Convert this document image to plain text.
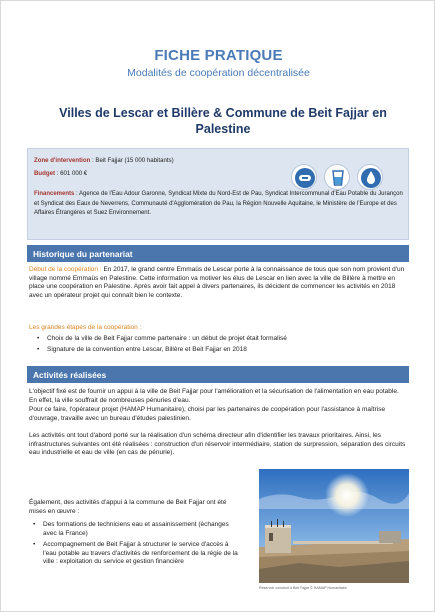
FICHE PRATIQUE
Modalités de coopération décentralisée
Villes de Lescar et Billère & Commune de Beit Fajjar en Palestine
Zone d'intervention : Beit Fajjar (15 000 habitants)
Budget : 601 000 €
Financements : Agence de l'Eau Adour Garonne, Syndicat Mixte du Nord-Est de Pau, Syndicat Intercommunal d'Eau Potable du Jurançon et Syndicat des Eaux de Neverrens, Communauté d'Agglomération de Pau, la Région Nouvelle Aquitaine, le Ministère de l'Europe et des Affaires Étrangères et Suez Environnement.
Historique du partenariat
Début de la coopération : En 2017, le grand centre Emmaüs de Lescar porte à la connaissance de tous que son nom provient d'un village nommé Emmaüs en Palestine. Cette information va motiver les élus de Lescar en lien avec la ville de Billère à mettre en place une coopération en Palestine. Après avoir fait appel à divers partenaires, ils décident de commencer les activités en 2018 avec un opérateur projet qui connaît bien le contexte.
Les grandes étapes de la coopération :
• Choix de la ville de Beit Fajjar comme partenaire : un début de projet était formalisé
• Signature de la convention entre Lescar, Billère et Beit Fajjar en 2018
Activités réalisées
L'objectif fixé est de fournir un appui à la ville de Beit Fajjar pour l'amélioration et la sécurisation de l'alimentation en eau potable. En effet, la ville souffrait de nombreuses pénuries d'eau.
Pour ce faire, l'opérateur projet (HAMAP Humanitaire), choisi par les partenaires de coopération pour l'assistance à maîtrise d'ouvrage, travaille avec un bureau d'études palestinien.
Les activités ont tout d'abord porté sur la réalisation d'un schéma directeur afin d'identifier les travaux prioritaires. Ainsi, les infrastructures suivantes ont été réalisées : construction d'un réservoir intermédiaire, station de surpression, séparation des circuits eau industrielle et eau de ville (en cas de pénurie).
Également, des activités d'appui à la commune de Beit Fajjar ont été mises en œuvre :
• Des formations de techniciens eau et assainissement (échanges avec la France)
• Accompagnement de Beit Fajjar à structurer le service d'accès à l'eau potable au travers d'activités de renforcement de la régie de la ville : exploitation du service et gestion financière
Réservoir construit à Beit Fajjar © HAMAP Humanitaire
